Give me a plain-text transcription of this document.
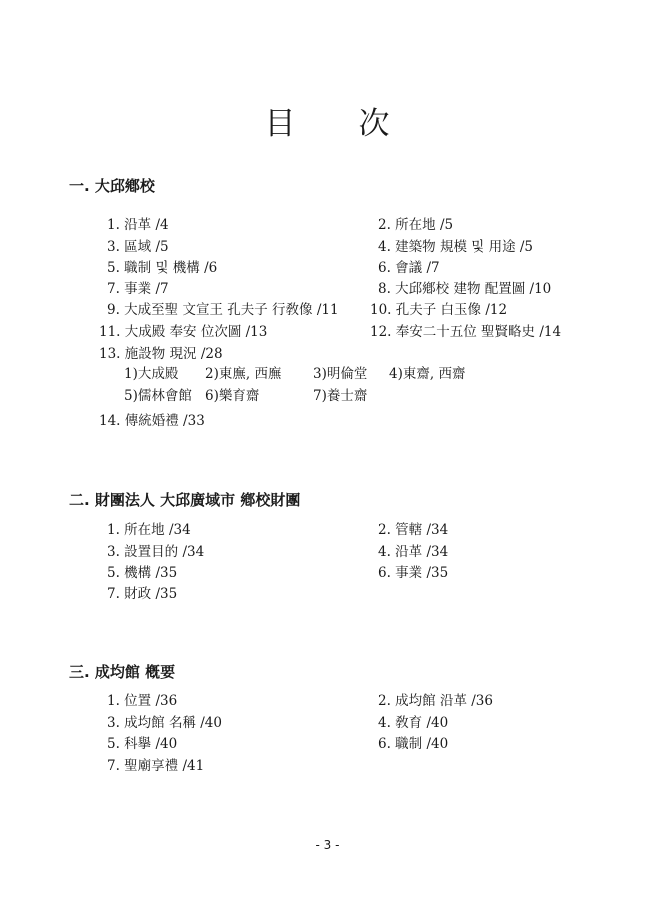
目 次
一. 大邱鄕校
1. 沿革 /4	2. 所在地 /5
3. 區域 /5	4. 建築物 規模 및 用途 /5
5. 職制 및 機構 /6	6. 會議 /7
7. 事業 /7	8. 大邱鄕校 建物 配置圖 /10
9. 大成至聖 文宣王 孔夫子 行敎像 /11 10. 孔夫子 白玉像 /12
11. 大成殿 奉安 位次圖 /13	12. 奉安二十五位 聖賢略史 /14
13. 施設物 現況 /28
1)大成殿 2)東廡, 西廡 3)明倫堂 4)東齋, 西齋
5)儒林會館 6)樂育齋	7)養士齋
14. 傳統婚禮 /33
二. 財團法人 大邱廣域市 鄕校財團
1. 所在地 /34	2. 管轄 /34
3. 設置目的 /34	4. 沿革 /34
5. 機構 /35	6. 事業 /35
7. 財政 /35
三. 成均館 槪要
1. 位置 /36	2. 成均館 沿革 /36
3. 成均館 名稱 /40	4. 敎育 /40
5. 科擧 /40	6. 職制 /40
7. 聖廟享禮 /41
- 3 -
